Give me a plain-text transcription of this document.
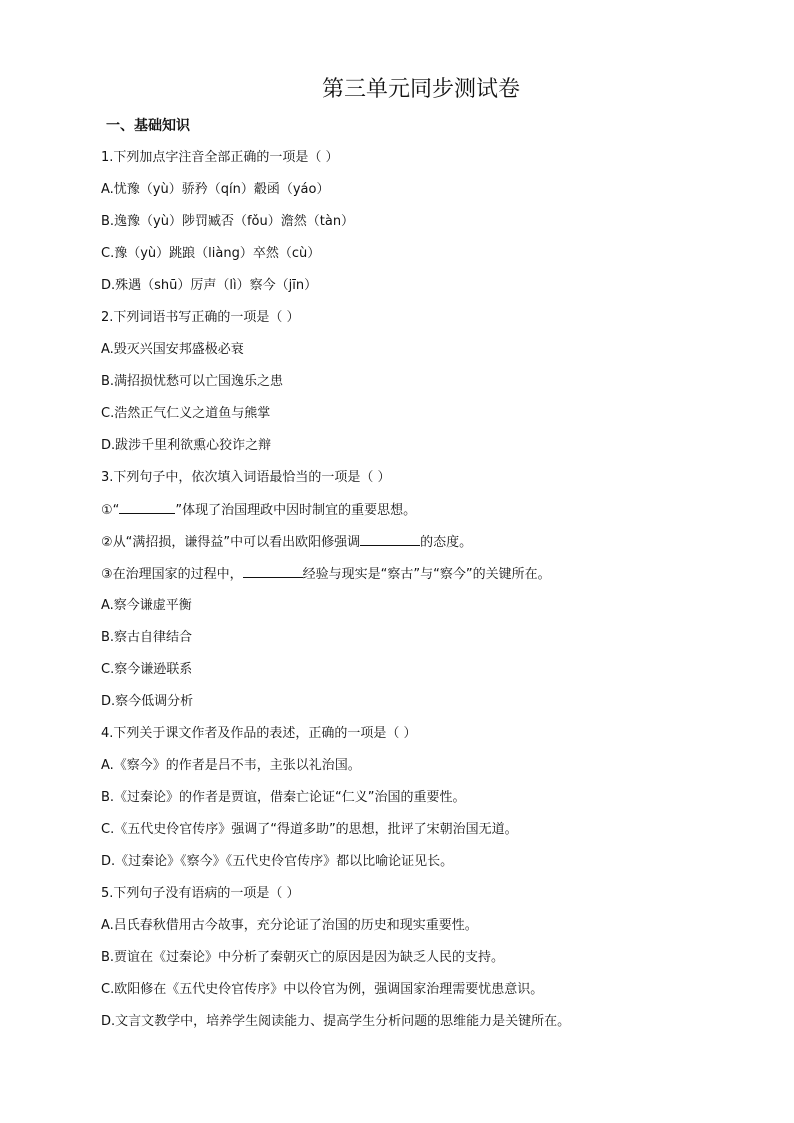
第三单元同步测试卷
一、基础知识

1.下列加点字注音全部正确的一项是（ ）

A.忧豫（yù）骄矜（qín）觳函（yáo）

B.逸豫（yù）陟罚臧否（fǒu）澹然（tàn）

C.豫（yù）跳踉（liàng）卒然（cù）

D.殊遇（shū）厉声（lì）察今（jīn）

2.下列词语书写正确的一项是（ ）

A.毁灭兴国安邦盛极必衰

B.满招损忧愁可以亡国逸乐之患

C.浩然正气仁义之道鱼与熊掌

D.跋涉千里利欲熏心狡诈之辩

3.下列句子中，依次填入词语最恰当的一项是（ ）

①“	”体现了治国理政中因时制宜的重要思想。

②从“满招损，谦得益”中可以看出欧阳修强调	的态度。

③在治理国家的过程中，	经验与现实是“察古”与“察今”的关键所在。

A.察今谦虚平衡

B.察古自律结合

C.察今谦逊联系

D.察今低调分析

4.下列关于课文作者及作品的表述，正确的一项是（ ）

A.《察今》的作者是吕不韦，主张以礼治国。

B.《过秦论》的作者是贾谊，借秦亡论证“仁义”治国的重要性。

C.《五代史伶官传序》强调了“得道多助”的思想，批评了宋朝治国无道。

D.《过秦论》《察今》《五代史伶官传序》都以比喻论证见长。

5.下列句子没有语病的一项是（ ）

A.吕氏春秋借用古今故事，充分论证了治国的历史和现实重要性。

B.贾谊在《过秦论》中分析了秦朝灭亡的原因是因为缺乏人民的支持。

C.欧阳修在《五代史伶官传序》中以伶官为例，强调国家治理需要忧患意识。

D.文言文教学中，培养学生阅读能力、提高学生分析问题的思维能力是关键所在。
